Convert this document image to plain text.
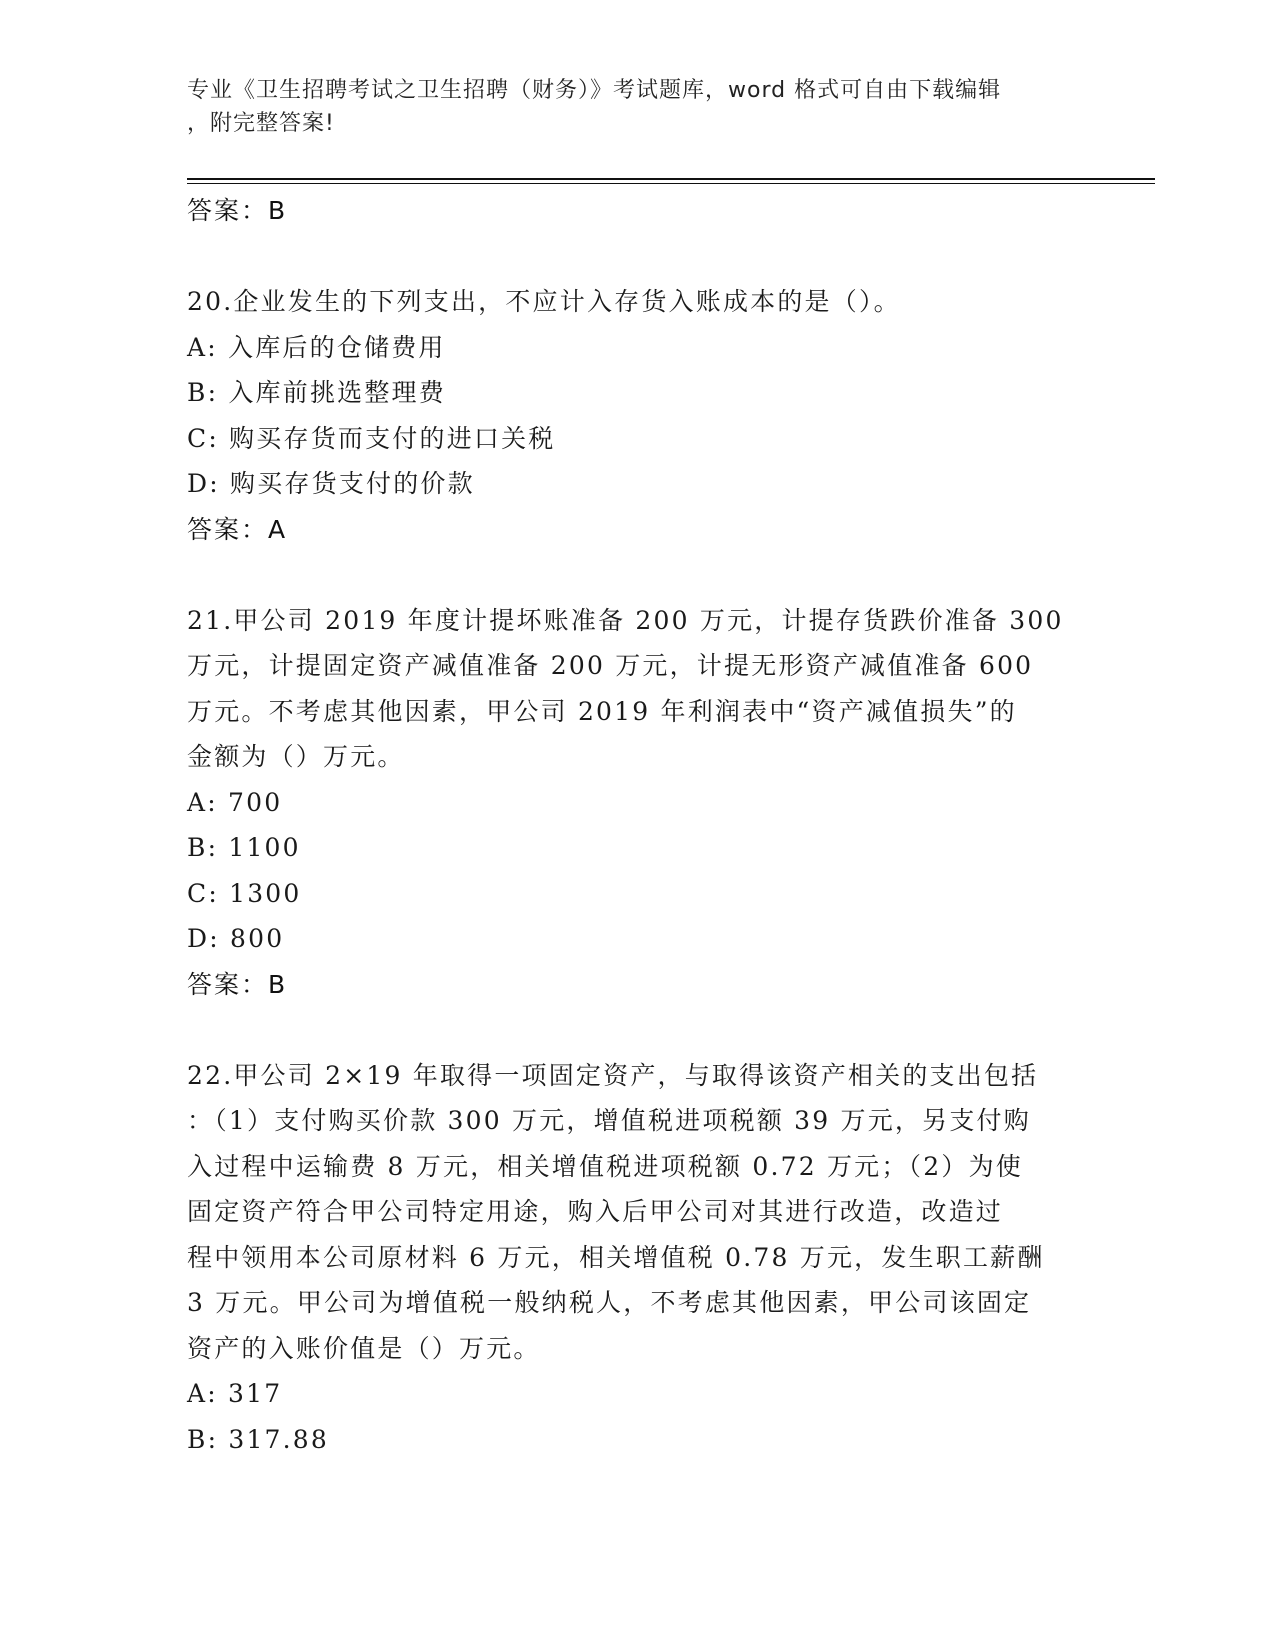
专业《卫生招聘考试之卫生招聘（财务）》考试题库，word 格式可自由下载编辑
，附完整答案!
答案：B
20.企业发生的下列支出，不应计入存货入账成本的是（）。
A: 入库后的仓储费用
B: 入库前挑选整理费
C: 购买存货而支付的进口关税
D: 购买存货支付的价款
答案：A
21.甲公司 2019 年度计提坏账准备 200 万元，计提存货跌价准备 300
万元，计提固定资产减值准备 200 万元，计提无形资产减值准备 600
万元。不考虑其他因素，甲公司 2019 年利润表中“资产减值损失”的
金额为（）万元。
A: 700
B: 1100
C: 1300
D: 800
答案：B
22.甲公司 2×19 年取得一项固定资产，与取得该资产相关的支出包括
：（1）支付购买价款 300 万元，增值税进项税额 39 万元，另支付购
入过程中运输费 8 万元，相关增值税进项税额 0.72 万元；（2）为使
固定资产符合甲公司特定用途，购入后甲公司对其进行改造，改造过
程中领用本公司原材料 6 万元，相关增值税 0.78 万元，发生职工薪酬
3 万元。甲公司为增值税一般纳税人，不考虑其他因素，甲公司该固定
资产的入账价值是（）万元。
A: 317
B: 317.88
